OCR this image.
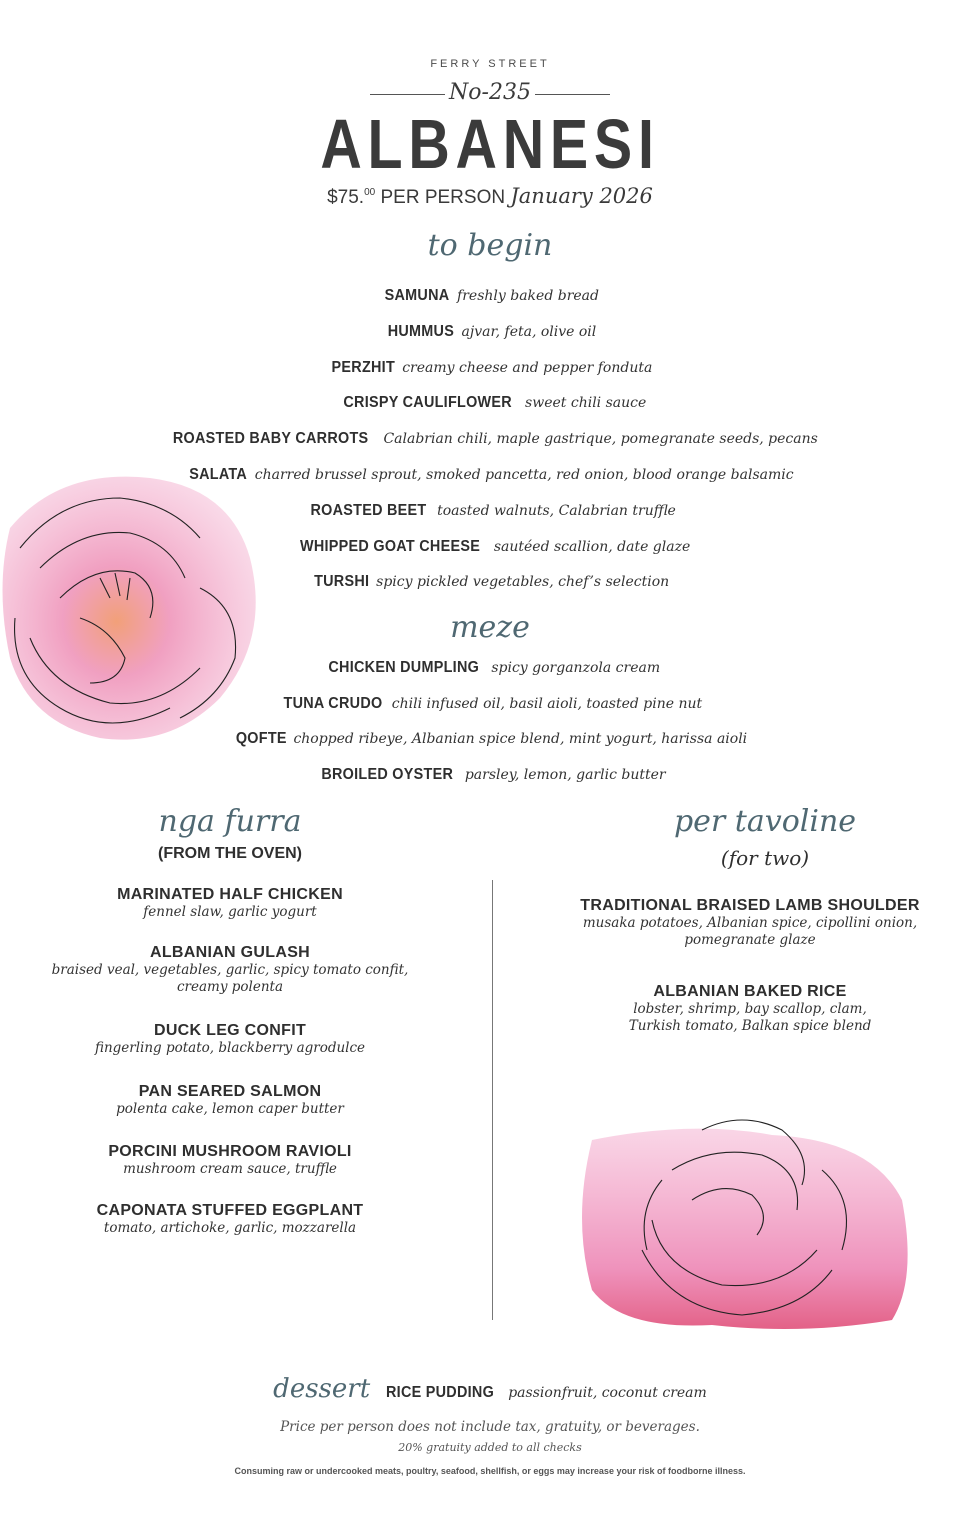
FERRY STREET
No-235
ALBANESI
$75.00 PER PERSON January 2026
to begin
SAMUNA freshly baked bread
HUMMUS ajvar, feta, olive oil
PERZHIT creamy cheese and pepper fonduta
CRISPY CAULIFLOWER sweet chili sauce
ROASTED BABY CARROTS Calabrian chili, maple gastrique, pomegranate seeds, pecans
SALATA charred brussel sprout, smoked pancetta, red onion, blood orange balsamic
ROASTED BEET toasted walnuts, Calabrian truffle
WHIPPED GOAT CHEESE sautéed scallion, date glaze
TURSHI spicy pickled vegetables, chef’s selection
meze
CHICKEN DUMPLING spicy gorganzola cream
TUNA CRUDO chili infused oil, basil aioli, toasted pine nut
QOFTE chopped ribeye, Albanian spice blend, mint yogurt, harissa aioli
BROILED OYSTER parsley, lemon, garlic butter
nga furra
(FROM THE OVEN)
MARINATED HALF CHICKEN
fennel slaw, garlic yogurt
ALBANIAN GULASH
braised veal, vegetables, garlic, spicy tomato confit,
creamy polenta
DUCK LEG CONFIT
fingerling potato, blackberry agrodulce
PAN SEARED SALMON
polenta cake, lemon caper butter
PORCINI MUSHROOM RAVIOLI
mushroom cream sauce, truffle
CAPONATA STUFFED EGGPLANT
tomato, artichoke, garlic, mozzarella
per tavoline
(for two)
TRADITIONAL BRAISED LAMB SHOULDER
musaka potatoes, Albanian spice, cipollini onion,
pomegranate glaze
ALBANIAN BAKED RICE
lobster, shrimp, bay scallop, clam,
Turkish tomato, Balkan spice blend
dessert RICE PUDDING passionfruit, coconut cream
Price per person does not include tax, gratuity, or beverages.
20% gratuity added to all checks
Consuming raw or undercooked meats, poultry, seafood, shellfish, or eggs may increase your risk of foodborne illness.
